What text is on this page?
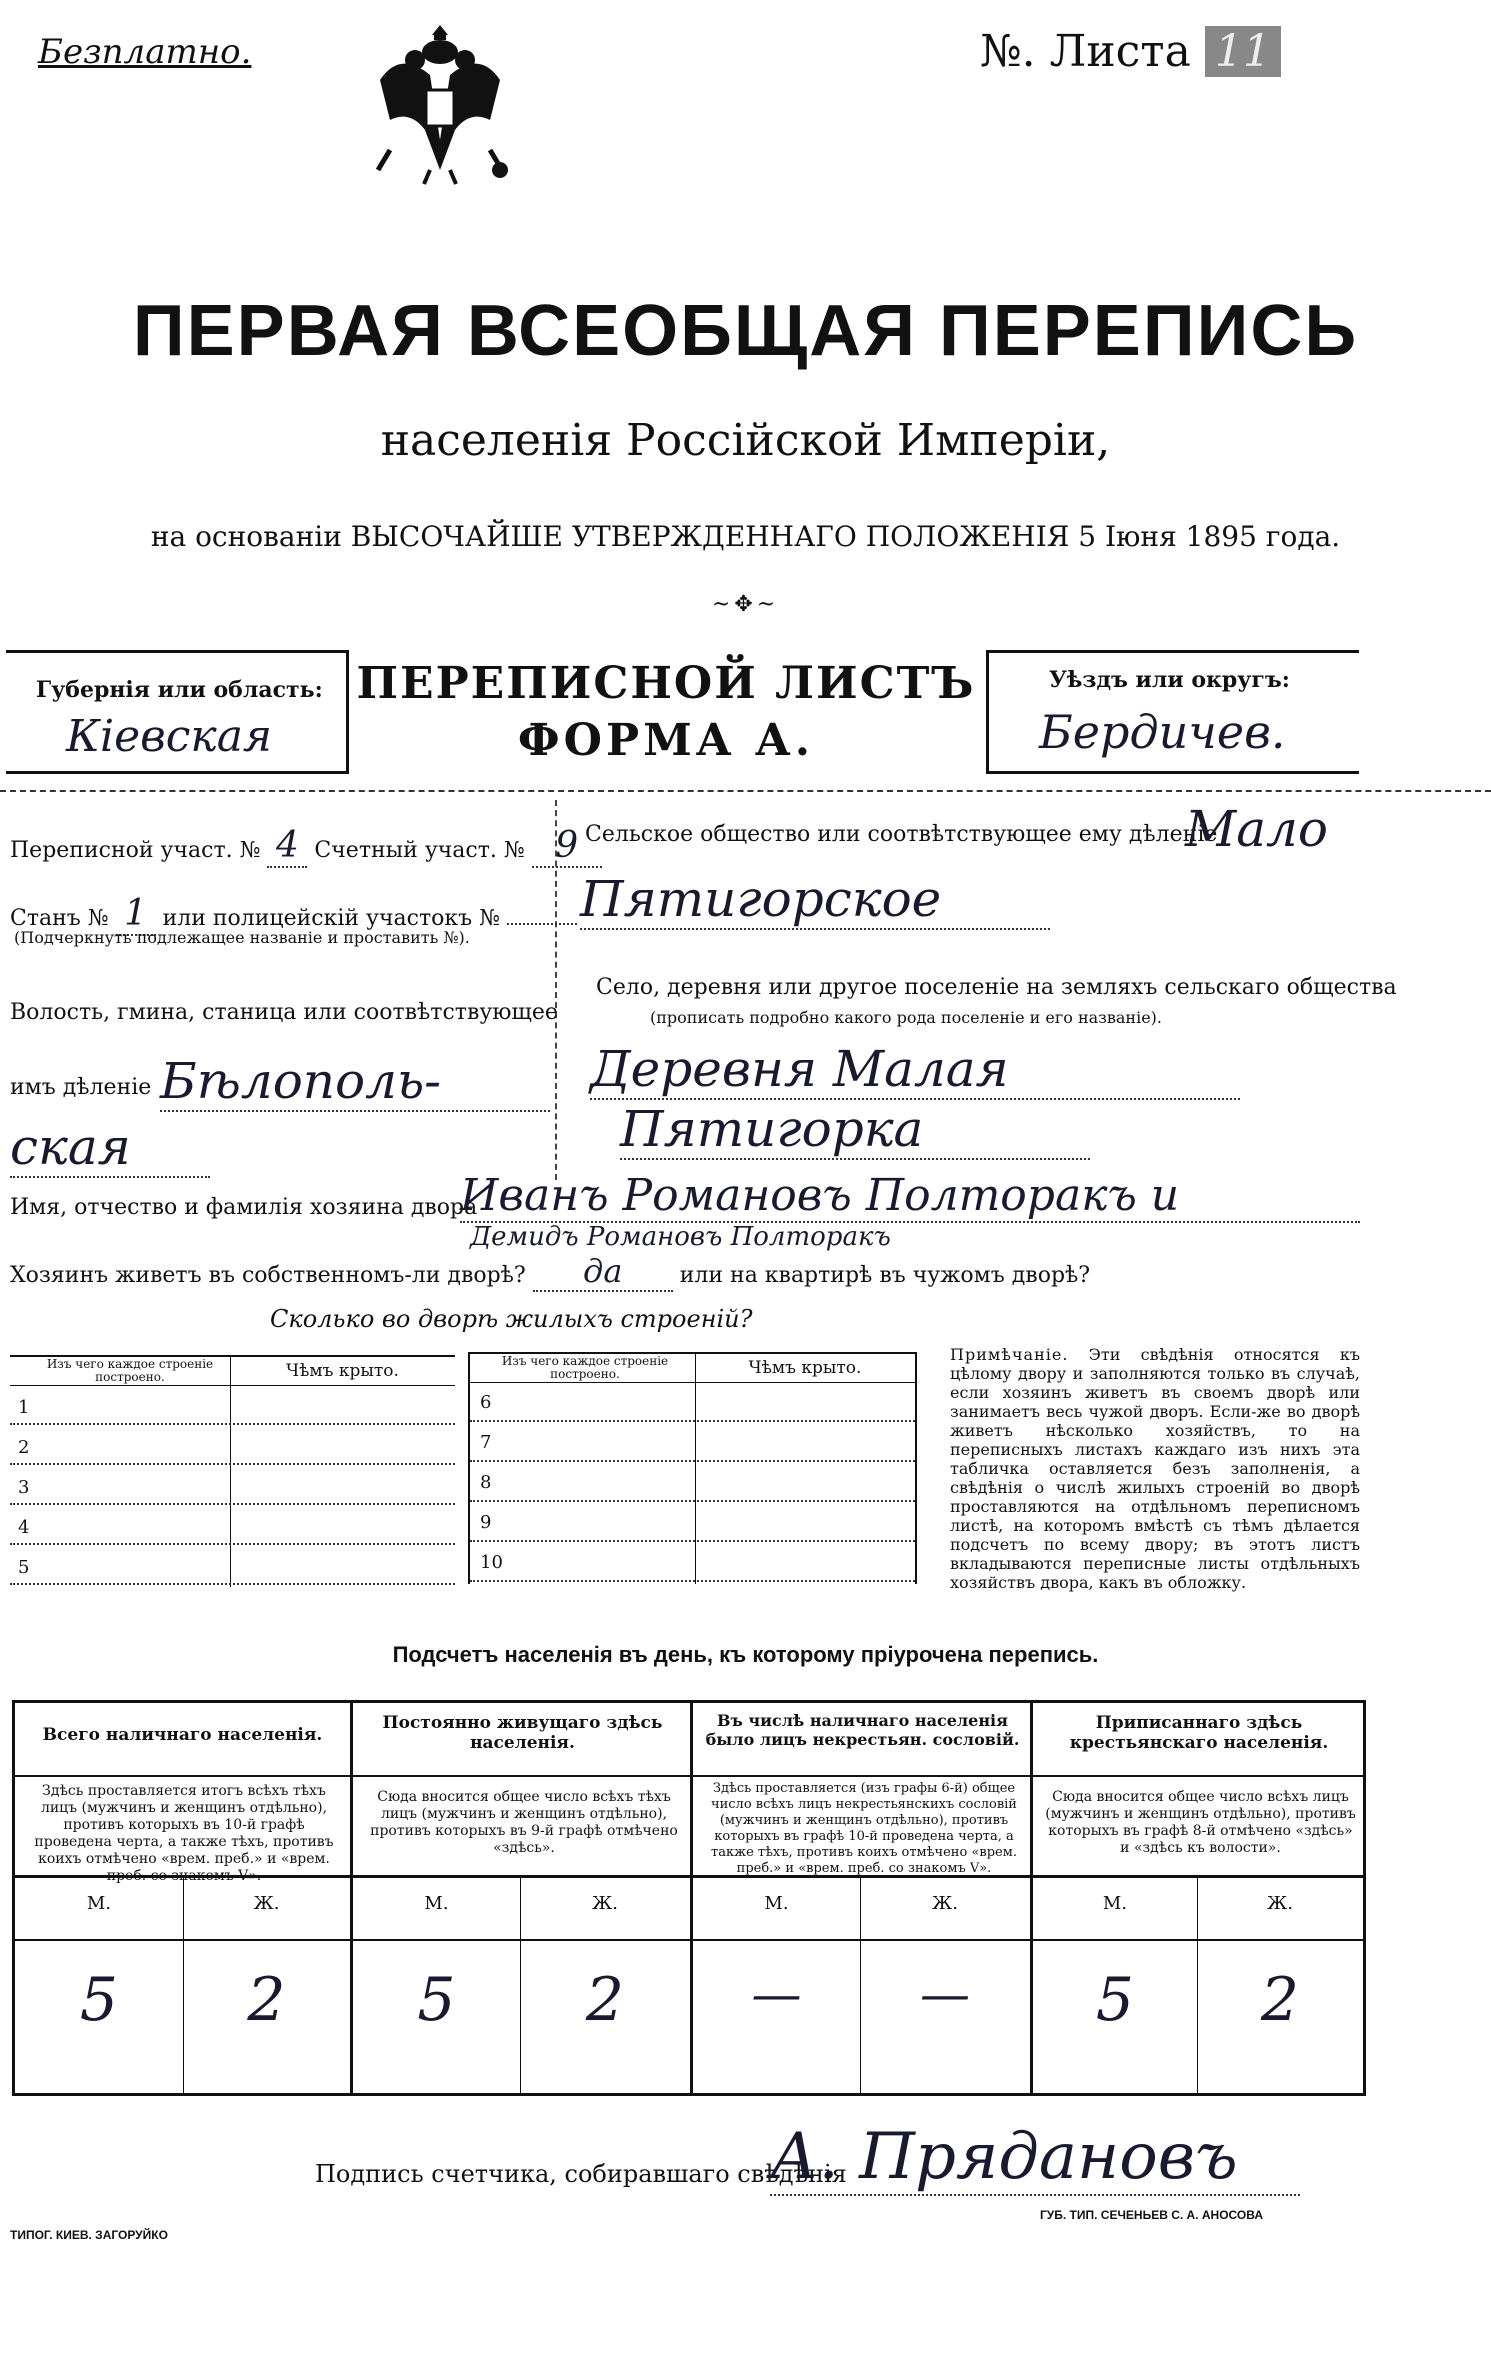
Безплатно.	№. Листа 11
ПЕРВАЯ ВСЕОБЩАЯ ПЕРЕПИСЬ
населенія Россійской Имперіи,
на основаніи ВЫСОЧАЙШЕ УТВЕРЖДЕННАГО ПОЛОЖЕНІЯ 5 Іюня 1895 года.
~✥~
Губернія или область:
Кіевская
ПЕРЕПИСНОЙ ЛИСТЪ
ФОРМА А.
Уѣздъ или округъ:
Бердичев.
Переписной участ. № 4 Счетный участ. № 9
Станъ № 1 или полицейскій участокъ №
(Подчеркнуть подлежащее названіе и проставить №).
Волость, гмина, станица или соотвѣтствующее
имъ дѣленіе Бѣлополь-
ская
Сельское общество или соотвѣтствующее ему дѣленіе
Мало
Пятигорское
Село, деревня или другое поселеніе на земляхъ сельскаго общества
(прописать подробно какого рода поселеніе и его названіе).
Деревня Малая
Пятигорка
Имя, отчество и фамилія хозяина двора
Иванъ Романовъ Полторакъ и
Демидъ Романовъ Полторакъ
Хозяинъ живетъ въ собственномъ-ли дворѣ? да	или на квартирѣ въ чужомъ дворѣ?
Сколько во дворѣ жилыхъ строеній?
Изъ чего каждое строеніе построено.	Чѣмъ крыто.
1
2
3
4
5
Изъ чего каждое строеніе построено.	Чѣмъ крыто.
6
7
8
9
10
Примѣчаніе. Эти свѣдѣнія относятся къ цѣлому двору и заполняются только въ случаѣ, если хозяинъ живетъ въ своемъ дворѣ или занимаетъ весь чужой дворъ. Если-же во дворѣ живетъ нѣсколько хозяйствъ, то на переписныхъ листахъ каждаго изъ нихъ эта табличка оставляется безъ заполненія, а свѣдѣнія о числѣ жилыхъ строеній во дворѣ проставляются на отдѣльномъ переписномъ листѣ, на которомъ вмѣстѣ съ тѣмъ дѣлается подсчетъ по всему двору; въ этотъ листъ вкладываются переписные листы отдѣльныхъ хозяйствъ двора, какъ въ обложку.
Подсчетъ населенія въ день, къ которому пріурочена перепись.
Всего наличнаго населенія.
Здѣсь проставляется итогъ всѣхъ тѣхъ лицъ (мужчинъ и женщинъ отдѣльно), противъ которыхъ въ 10-й графѣ проведена черта, а также тѣхъ, противъ коихъ отмѣчено «врем. преб.» и «врем. преб. со знакомъ V».
М.	Ж.
5	2
Постоянно живущаго здѣсь населенія.
Сюда вносится общее число всѣхъ тѣхъ лицъ (мужчинъ и женщинъ отдѣльно), противъ которыхъ въ 9-й графѣ отмѣчено «здѣсь».
М.	Ж.
5	2
Въ числѣ наличнаго населенія было лицъ некрестьян. сословій.
Здѣсь проставляется (изъ графы 6-й) общее число всѣхъ лицъ некрестьянскихъ сословій (мужчинъ и женщинъ отдѣльно), противъ которыхъ въ графѣ 10-й проведена черта, а также тѣхъ, противъ коихъ отмѣчено «врем. преб.» и «врем. преб. со знакомъ V».
М.	Ж.
—	—
Приписаннаго здѣсь крестьянскаго населенія.
Сюда вносится общее число всѣхъ лицъ (мужчинъ и женщинъ отдѣльно), противъ которыхъ въ графѣ 8-й отмѣчено «здѣсь» и «здѣсь къ волости».
М.	Ж.
5	2
Подпись счетчика, собиравшаго свѣдѣнія
А. Прядановъ
ТИПОГ. КИЕВ. ЗАГОРУЙКО
ГУБ. ТИП. СЕЧЕНЬЕВ С. А. АНОСОВА
